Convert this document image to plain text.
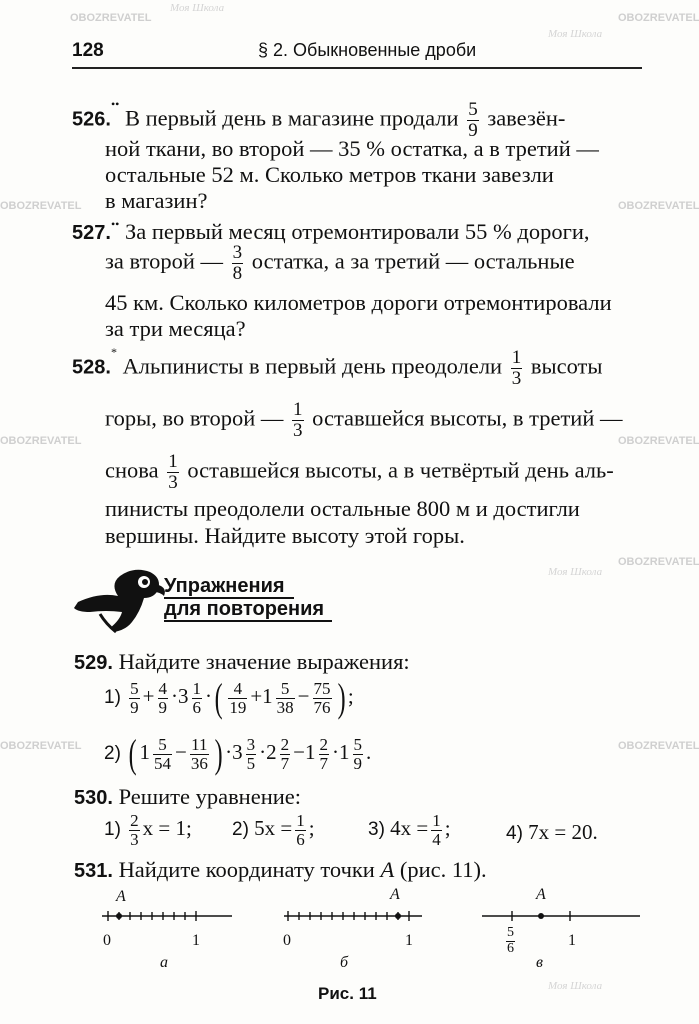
128	§ 2. Обыкновенные дроби
OBOZREVATEL
Моя Школа
OBOZREVATEL
Моя Школа
OBOZREVATEL	OBOZREVATEL
OBOZREVATEL	OBOZREVATEL
Моя Школа
OBOZREVATEL
OBOZREVATEL	OBOZREVATEL
Моя Школа
526.•• В первый день в магазине продали $\frac{5}{9}$ завезён-
ной ткани, во второй — 35 % остатка, а в третий —
остальные 52 м. Сколько метров ткани завезли
в магазин?
527.•• За первый месяц отремонтировали 55 % дороги,
за второй — $\frac{3}{8}$ остатка, а за третий — остальные
45 км. Сколько километров дороги отремонтировали
за три месяца?
528.* Альпинисты в первый день преодолели $\frac{1}{3}$ высоты
горы, во второй — $\frac{1}{3}$ оставшейся высоты, в третий —
снова $\frac{1}{3}$ оставшейся высоты, а в четвёртый день аль-
пинисты преодолели остальные 800 м и достигли
вершины. Найдите высоту этой горы.
Упражнения
для повторения
529. Найдите значение выражения:
$1) \frac{5}{9} + \frac{4}{9} \cdot 3 \frac{1}{6}$ ·( $\frac{4}{19} +1 \frac{5}{38} - \frac{75}{76}$ ) ;
2) ( $1 \frac{5}{54} - \frac{11}{36}$ ) $\cdot 3 \frac{3}{5} \cdot 2 \frac{2}{7} -1 \frac{2}{7} \cdot 1 \frac{5}{9}$ .
530. Решите уравнение:
$1) \frac{2}{3}$ x = 1; 2) $5x = \frac{1}{6}$ ;	3) $4x = \frac{1}{4}$ ;	4) 7x = 20.
531. Найдите координату точки A (рис. 11).
A
0	1
а
A
0	1
б
A
$\frac{5}{6}$	1
в
Рис. 11
